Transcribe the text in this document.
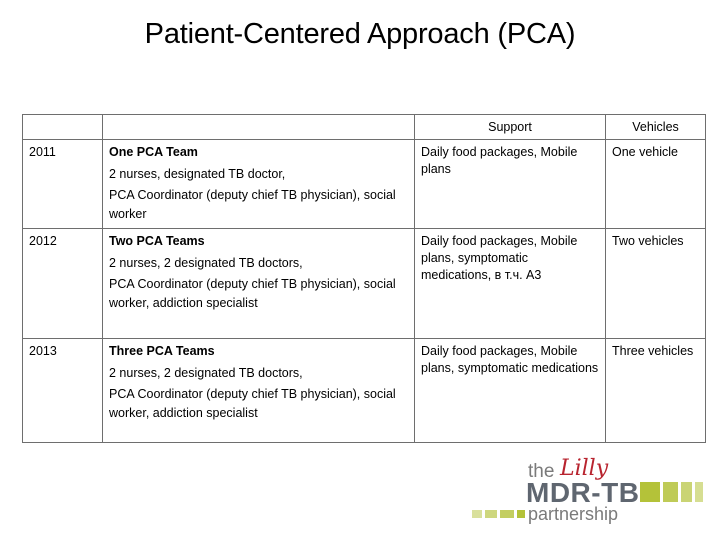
Patient-Centered Approach (PCA)
		Support	Vehicles
2011	One PCA Team
2 nurses, designated TB doctor,
PCA Coordinator (deputy chief TB physician), social worker	Daily food packages, Mobile plans	One vehicle
2012	Two PCA Teams
2 nurses, 2 designated TB doctors,
PCA Coordinator (deputy chief TB physician), social worker, addiction specialist	Daily food packages, Mobile plans, symptomatic medications, в т.ч. А3	Two vehicles
2013	Three PCA Teams
2 nurses, 2 designated TB doctors,
PCA Coordinator (deputy chief TB physician), social worker, addiction specialist	Daily food packages, Mobile plans, symptomatic medications	Three vehicles
the Lilly
MDR-TB
partnership
